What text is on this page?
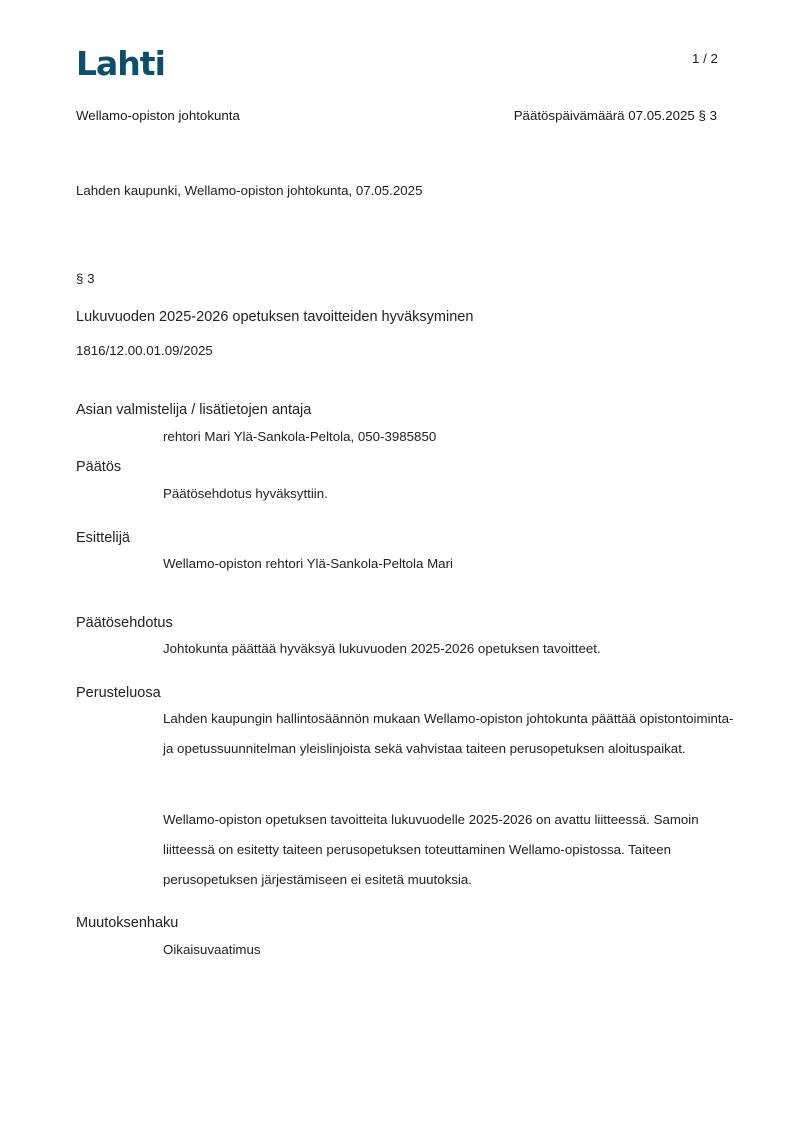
Lahti	1 / 2
Wellamo-opiston johtokunta	Päätöspäivämäärä 07.05.2025 § 3
Lahden kaupunki, Wellamo-opiston johtokunta, 07.05.2025
§ 3
Lukuvuoden 2025-2026 opetuksen tavoitteiden hyväksyminen
1816/12.00.01.09/2025
Asian valmistelija / lisätietojen antaja
rehtori Mari Ylä-Sankola-Peltola, 050-3985850
Päätös
Päätösehdotus hyväksyttiin.
Esittelijä
Wellamo-opiston rehtori Ylä-Sankola-Peltola Mari
Päätösehdotus
Johtokunta päättää hyväksyä lukuvuoden 2025-2026 opetuksen tavoitteet.
Perusteluosa
Lahden kaupungin hallintosäännön mukaan Wellamo-opiston johtokunta päättää opistontoiminta- ja opetussuunnitelman yleislinjoista sekä vahvistaa taiteen perusopetuksen aloituspaikat.
Wellamo-opiston opetuksen tavoitteita lukuvuodelle 2025-2026 on avattu liitteessä. Samoin liitteessä on esitetty taiteen perusopetuksen toteuttaminen Wellamo-opistossa. Taiteen perusopetuksen järjestämiseen ei esitetä muutoksia.
Muutoksenhaku
Oikaisuvaatimus
